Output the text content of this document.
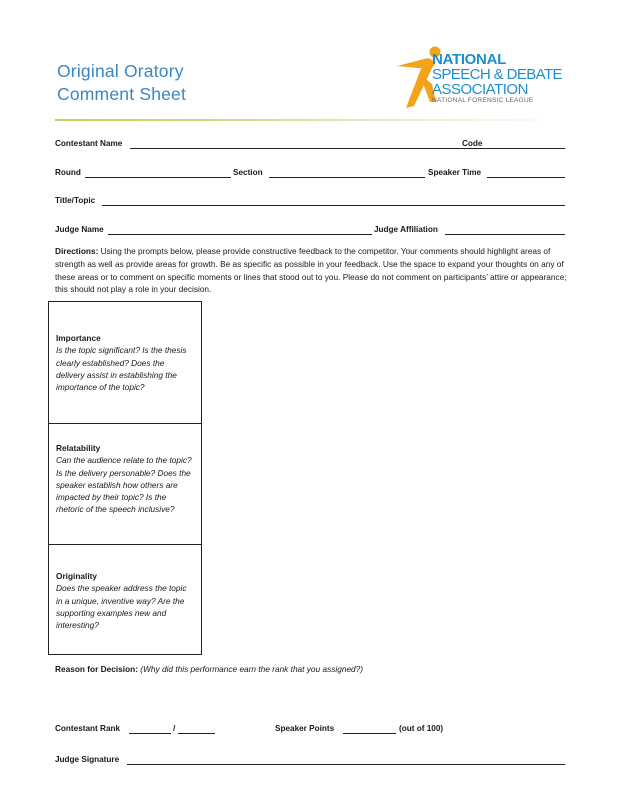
Original Oratory
Comment Sheet
NATIONAL
SPEECH & DEBATE
ASSOCIATION
NATIONAL FORENSIC LEAGUE
Contestant Name	Code
Round	Section	Speaker Time
Title/Topic
Judge Name	Judge Affiliation
Directions: Using the prompts below, please provide constructive feedback to the competitor. Your comments should highlight areas of strength as well as provide areas for growth. Be as specific as possible in your feedback. Use the space to expand your thoughts on any of these areas or to comment on specific moments or lines that stood out to you. Please do not comment on participants’ attire or appearance; this should not play a role in your decision.
Importance
Is the topic significant? Is the thesis clearly established? Does the delivery assist in establishing the importance of the topic?
Relatability
Can the audience relate to the topic? Is the delivery personable? Does the speaker establish how others are impacted by their topic? Is the rhetoric of the speech inclusive?
Originality
Does the speaker address the topic in a unique, inventive way? Are the supporting examples new and interesting?
Reason for Decision: (Why did this performance earn the rank that you assigned?)
Contestant Rank	/	Speaker Points	(out of 100)
Judge Signature
